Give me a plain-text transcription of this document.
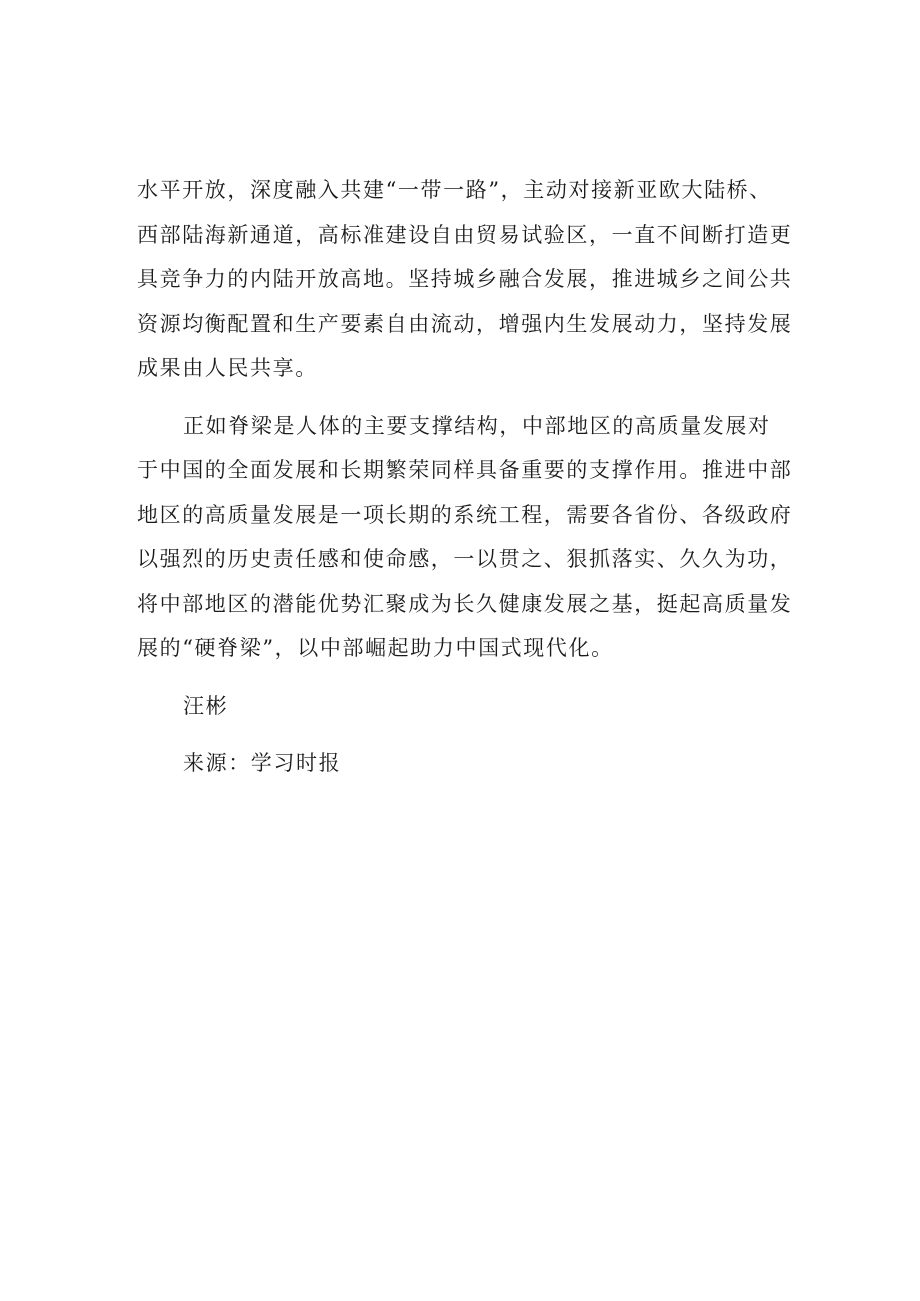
水平开放，深度融入共建“一带一路”，主动对接新亚欧大陆桥、
西部陆海新通道，高标准建设自由贸易试验区，一直不间断打造更
具竞争力的内陆开放高地。坚持城乡融合发展，推进城乡之间公共
资源均衡配置和生产要素自由流动，增强内生发展动力，坚持发展
成果由人民共享。
正如脊梁是人体的主要支撑结构，中部地区的高质量发展对
于中国的全面发展和长期繁荣同样具备重要的支撑作用。推进中部
地区的高质量发展是一项长期的系统工程，需要各省份、各级政府
以强烈的历史责任感和使命感，一以贯之、狠抓落实、久久为功，
将中部地区的潜能优势汇聚成为长久健康发展之基，挺起高质量发
展的“硬脊梁”，以中部崛起助力中国式现代化。
汪彬
来源：学习时报
